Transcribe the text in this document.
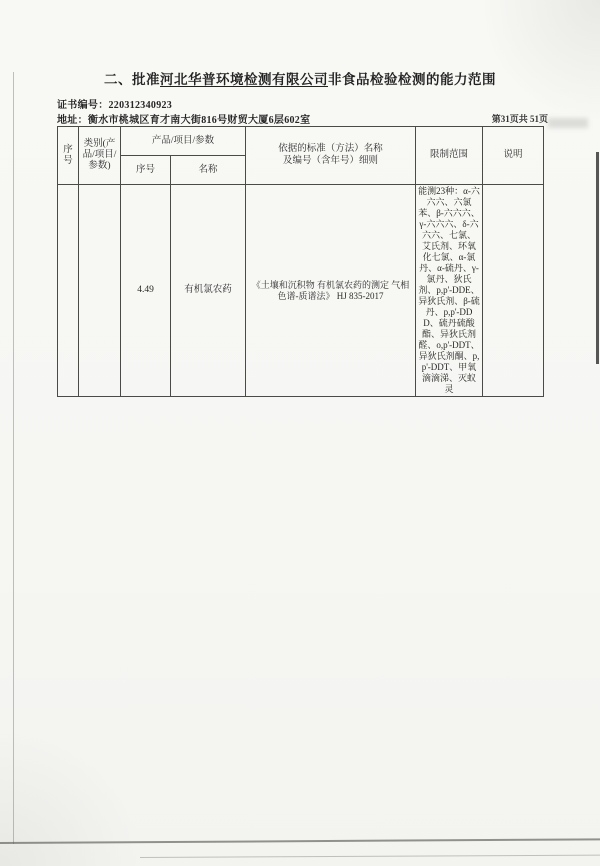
二、批准河北华普环境检测有限公司非食品检验检测的能力范围
证书编号：220312340923
地址：衡水市桃城区育才南大街816号财贸大厦6层602室	第31页共 51页
序号	类别(产品/项目/参数)	产品/项目/参数		依据的标准（方法）名称及编号（含年号）细则	限制范围	说明
		序号	名称			
		4.49	有机氯农药	《土壤和沉积物 有机氯农药的测定 气相色谱-质谱法》 HJ 835-2017	能测23种：α-六六六、六氯苯、β-六六六、γ-六六六、δ-六六六、七氯、艾氏剂、环氧化七氯、α-氯丹、α-硫丹、γ-氯丹、狄氏剂、p,p'-DDE、异狄氏剂、β-硫丹、p,p'-DDD、硫丹硫酸酯、异狄氏剂醛、o,p'-DDT、异狄氏剂酮、p,p'-DDT、甲氧滴滴涕、灭蚁灵	
